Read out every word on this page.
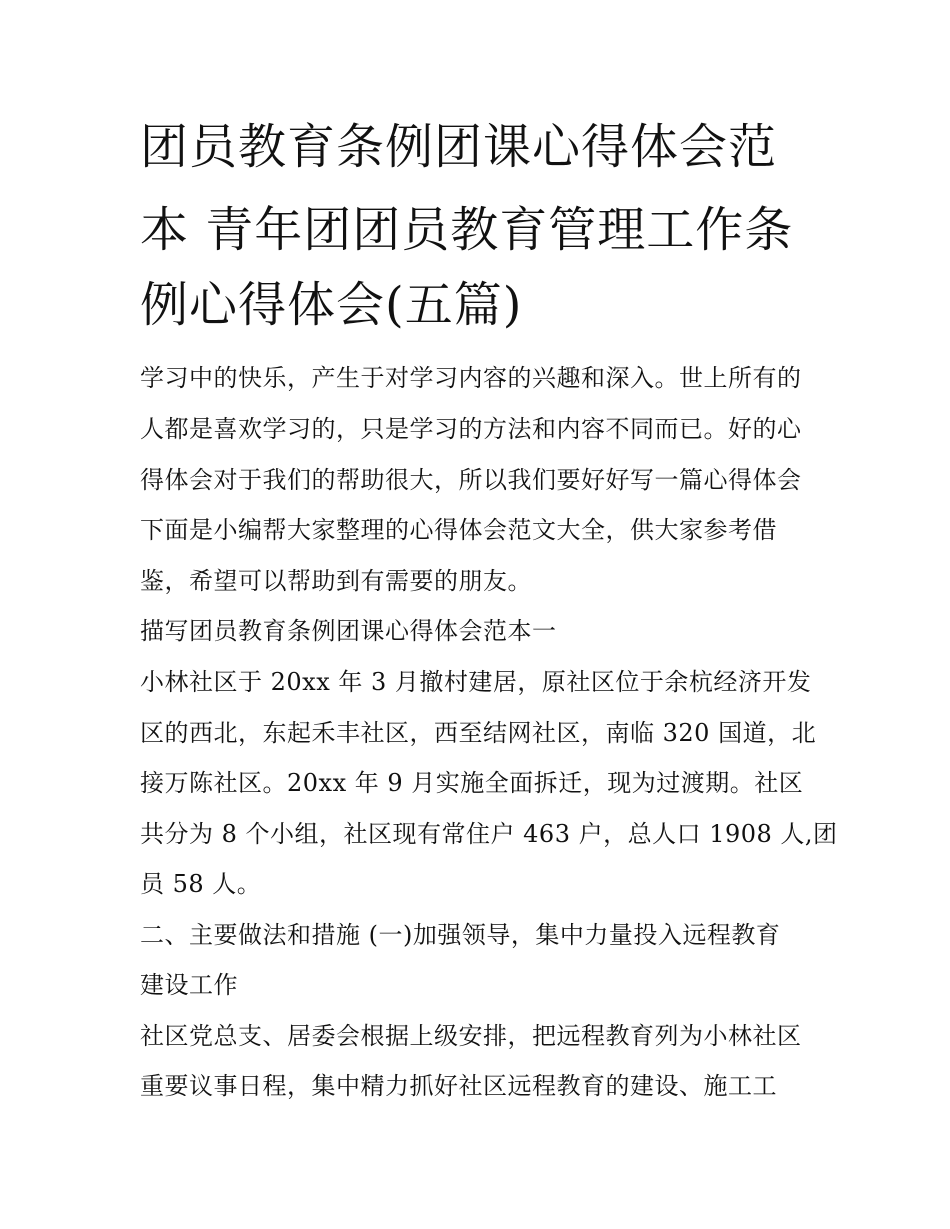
团员教育条例团课心得体会范
本 青年团团员教育管理工作条
例心得体会(五篇)

学习中的快乐，产生于对学习内容的兴趣和深入。世上所有的

人都是喜欢学习的，只是学习的方法和内容不同而已。好的心

得体会对于我们的帮助很大，所以我们要好好写一篇心得体会

下面是小编帮大家整理的心得体会范文大全，供大家参考借

鉴，希望可以帮助到有需要的朋友。

描写团员教育条例团课心得体会范本一

小林社区于 20xx 年 3 月撤村建居，原社区位于余杭经济开发

区的西北，东起禾丰社区，西至结网社区，南临 320 国道，北

接万陈社区。20xx 年 9 月实施全面拆迁，现为过渡期。社区

共分为 8 个小组，社区现有常住户 463 户，总人口 1908 人,团

员 58 人。

二、主要做法和措施 (一)加强领导，集中力量投入远程教育

建设工作

社区党总支、居委会根据上级安排，把远程教育列为小林社区

重要议事日程，集中精力抓好社区远程教育的建设、施工工
